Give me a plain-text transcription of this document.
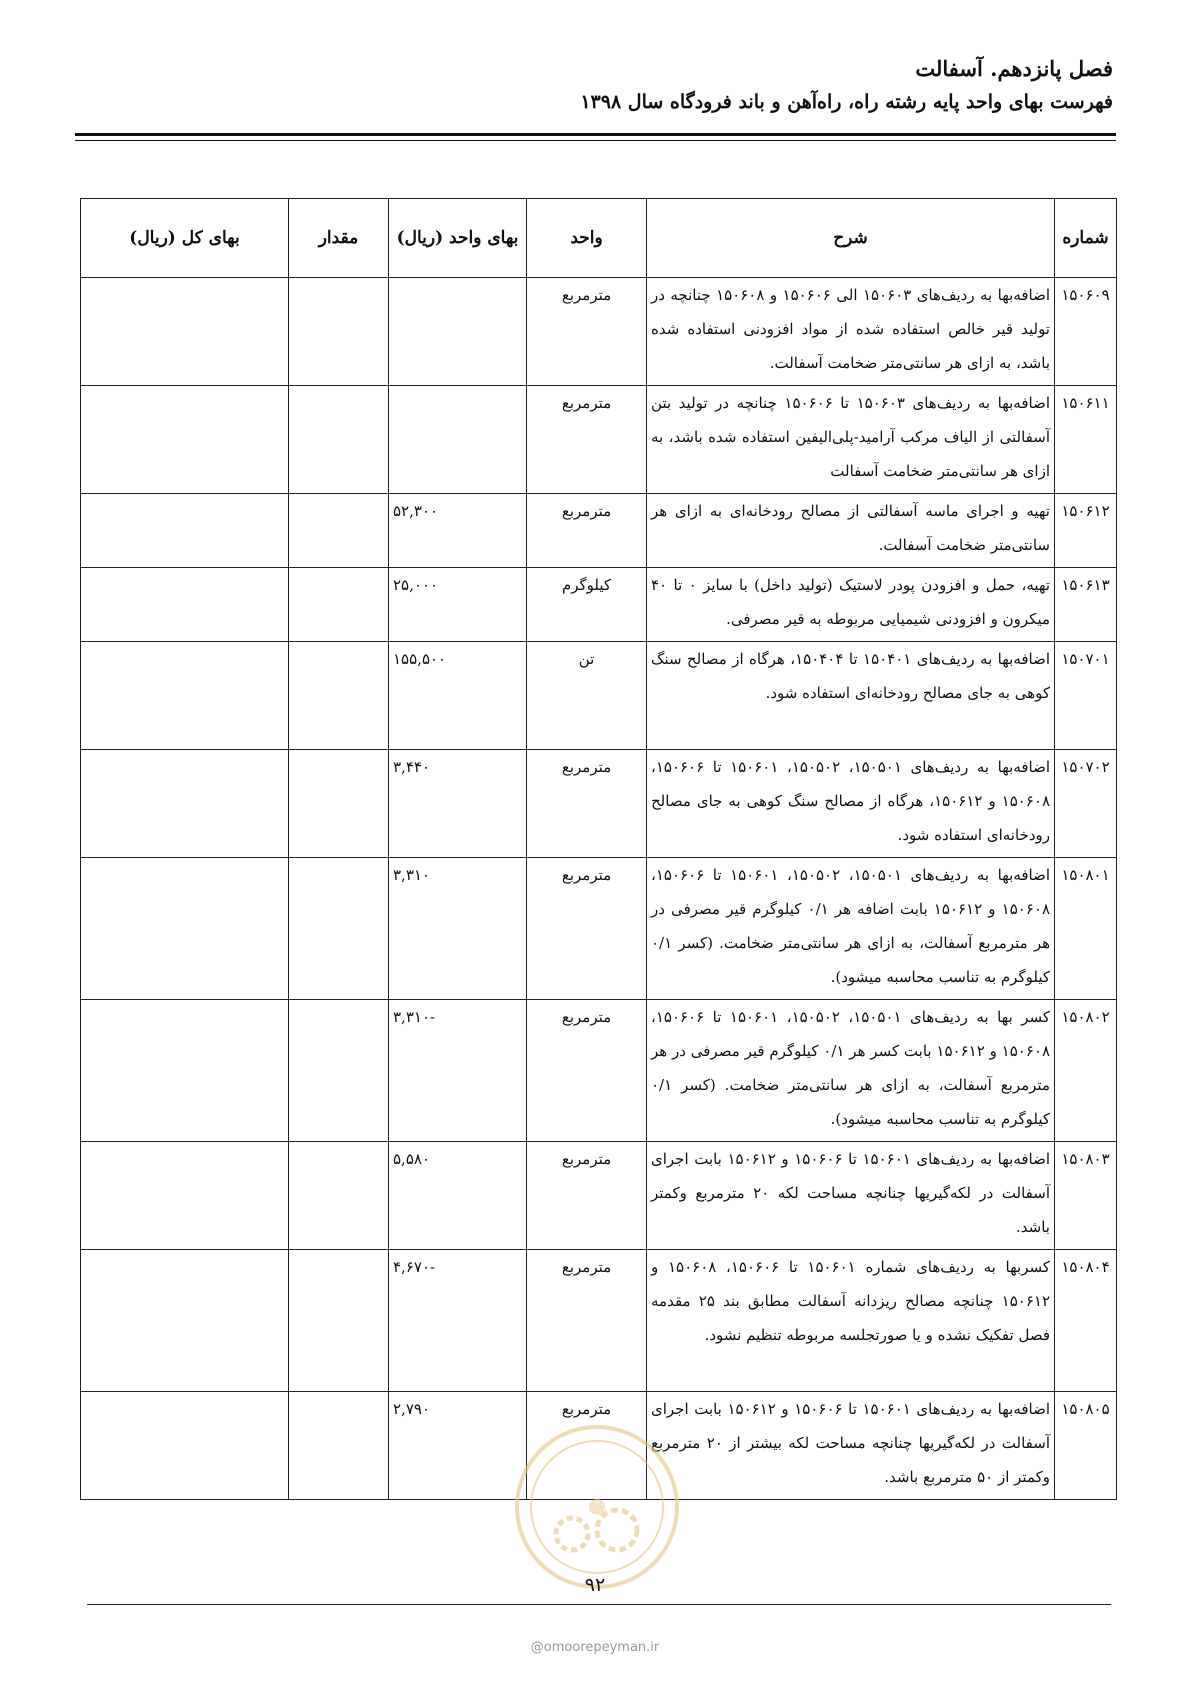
فصل پانزدهم. آسفالت
فهرست بهای واحد پایه رشته راه، راه‌آهن و باند فرودگاه سال ۱۳۹۸
شماره	شرح	واحد	بهای واحد (ریال)	مقدار	بهای کل (ریال)
۱۵۰۶۰۹	اضافه‌بها به ردیف‌های ۱۵۰۶۰۳ الی ۱۵۰۶۰۶ و ۱۵۰۶۰۸ چنانچه در تولید قیر خالص استفاده شده از مواد افزودنی استفاده شده باشد، به ازای هر سانتی‌متر ضخامت آسفالت.	مترمربع			
۱۵۰۶۱۱	اضافه‌بها به ردیف‌های ۱۵۰۶۰۳ تا ۱۵۰۶۰۶ چنانچه در تولید بتن آسفالتی از الیاف مرکب آرامید-پلی‌الیفین استفاده شده باشد، به ازای هر سانتی‌متر ضخامت آسفالت	مترمربع			
۱۵۰۶۱۲	تهیه و اجرای ماسه آسفالتی از مصالح رودخانه‌ای به ازای هر سانتی‌متر ضخامت آسفالت.	مترمربع	۵۲,۳۰۰		
۱۵۰۶۱۳	تهیه، حمل و افزودن پودر لاستیک (تولید داخل) با سایز ۰ تا ۴۰ میکرون و افزودنی شیمیایی مربوطه به قیر مصرفی.	کیلوگرم	۲۵,۰۰۰		
۱۵۰۷۰۱	اضافه‌بها به ردیف‌های ۱۵۰۴۰۱ تا ۱۵۰۴۰۴، هرگاه از مصالح سنگ کوهی به جای مصالح رودخانه‌ای استفاده شود.	تن	۱۵۵,۵۰۰		
۱۵۰۷۰۲	اضافه‌بها به ردیف‌های ۱۵۰۵۰۱، ۱۵۰۵۰۲، ۱۵۰۶۰۱ تا ۱۵۰۶۰۶، ۱۵۰۶۰۸ و ۱۵۰۶۱۲، هرگاه از مصالح سنگ کوهی به جای مصالح رودخانه‌ای استفاده شود.	مترمربع	۳,۴۴۰		
۱۵۰۸۰۱	اضافه‌بها به ردیف‌های ۱۵۰۵۰۱، ۱۵۰۵۰۲، ۱۵۰۶۰۱ تا ۱۵۰۶۰۶، ۱۵۰۶۰۸ و ۱۵۰۶۱۲ بابت اضافه هر ۰/۱ کیلوگرم قیر مصرفی در هر مترمربع آسفالت، به ازای هر سانتی‌متر ضخامت. (کسر ۰/۱ کیلوگرم به تناسب محاسبه میشود).	مترمربع	۳,۳۱۰		
۱۵۰۸۰۲	کسر بها به ردیف‌های ۱۵۰۵۰۱، ۱۵۰۵۰۲، ۱۵۰۶۰۱ تا ۱۵۰۶۰۶، ۱۵۰۶۰۸ و ۱۵۰۶۱۲ بابت کسر هر ۰/۱ کیلوگرم قیر مصرفی در هر مترمربع آسفالت، به ازای هر سانتی‌متر ضخامت. (کسر ۰/۱ کیلوگرم به تناسب محاسبه میشود).	مترمربع	-۳,۳۱۰		
۱۵۰۸۰۳	اضافه‌بها به ردیف‌های ۱۵۰۶۰۱ تا ۱۵۰۶۰۶ و ۱۵۰۶۱۲ بابت اجرای آسفالت در لکه‌گیریها چنانچه مساحت لکه ۲۰ مترمربع وکمتر باشد.	مترمربع	۵,۵۸۰		
۱۵۰۸۰۴	کسربها به ردیف‌های شماره ۱۵۰۶۰۱ تا ۱۵۰۶۰۶، ۱۵۰۶۰۸ و ۱۵۰۶۱۲ چنانچه مصالح ریزدانه آسفالت مطابق بند ۲۵ مقدمه فصل تفکیک نشده و یا صورتجلسه مربوطه تنظیم نشود.	مترمربع	-۴,۶۷۰		
۱۵۰۸۰۵	اضافه‌بها به ردیف‌های ۱۵۰۶۰۱ تا ۱۵۰۶۰۶ و ۱۵۰۶۱۲ بابت اجرای آسفالت در لکه‌گیریها چنانچه مساحت لکه بیشتر از ۲۰ مترمربع وکمتر از ۵۰ مترمربع باشد.	مترمربع	۲,۷۹۰		
۹۲
@omoorepeyman.ir
